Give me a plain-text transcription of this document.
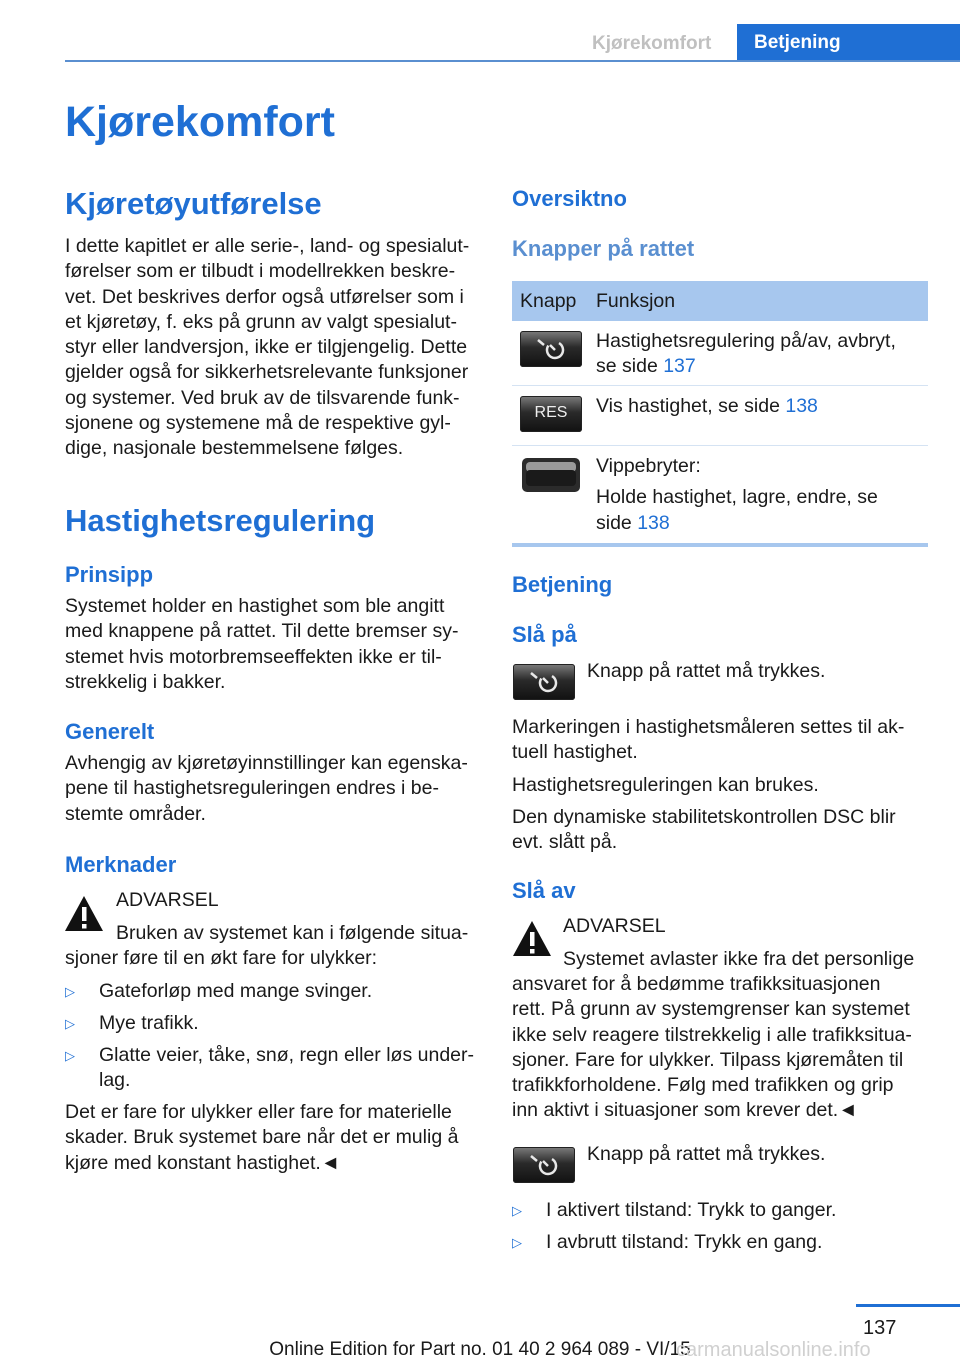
Kjørekomfort	Betjening
Kjørekomfort
Kjøretøyutførelse
I dette kapitlet er alle serie-, land- og spesialut-
førelser som er tilbudt i modellrekken beskre-
vet. Det beskrives derfor også utførelser som i
et kjøretøy, f. eks på grunn av valgt spesialut-
styr eller landversjon, ikke er tilgjengelig. Dette
gjelder også for sikkerhetsrelevante funksjoner
og systemer. Ved bruk av de tilsvarende funk-
sjonene og systemene må de respektive gyl-
dige, nasjonale bestemmelsene følges.
Hastighetsregulering
Prinsipp
Systemet holder en hastighet som ble angitt
med knappene på rattet. Til dette bremser sy-
stemet hvis motorbremseeffekten ikke er til-
strekkelig i bakker.
Generelt
Avhengig av kjøretøyinnstillinger kan egenska-
pene til hastighetsreguleringen endres i be-
stemte områder.
Merknader
ADVARSEL
Bruken av systemet kan i følgende situa-
sjoner føre til en økt fare for ulykker:
▷ Gateforløp med mange svinger.
▷ Mye trafikk.
▷ Glatte veier, tåke, snø, regn eller løs under-
lag.
Det er fare for ulykker eller fare for materielle
skader. Bruk systemet bare når det er mulig å
kjøre med konstant hastighet.◄
Oversiktno
Knapper på rattet
Knapp Funksjon
Hastighetsregulering på/av, avbryt,
se side 137
RES	Vis hastighet, se side 138
Vippebryter:
Holde hastighet, lagre, endre, se
side 138
Betjening
Slå på
Knapp på rattet må trykkes.
Markeringen i hastighetsmåleren settes til ak-
tuell hastighet.
Hastighetsreguleringen kan brukes.
Den dynamiske stabilitetskontrollen DSC blir
evt. slått på.
Slå av
ADVARSEL
Systemet avlaster ikke fra det personlige
ansvaret for å bedømme trafikksituasjonen
rett. På grunn av systemgrenser kan systemet
ikke selv reagere tilstrekkelig i alle trafikksitua-
sjoner. Fare for ulykker. Tilpass kjøremåten til
trafikkforholdene. Følg med trafikken og grip
inn aktivt i situasjoner som krever det.◄
Knapp på rattet må trykkes.
▷ I aktivert tilstand: Trykk to ganger.
▷ I avbrutt tilstand: Trykk en gang.
137
Online Edition for Part no. 01 40 2 964 089 - VI/15
carmanualsonline.info
